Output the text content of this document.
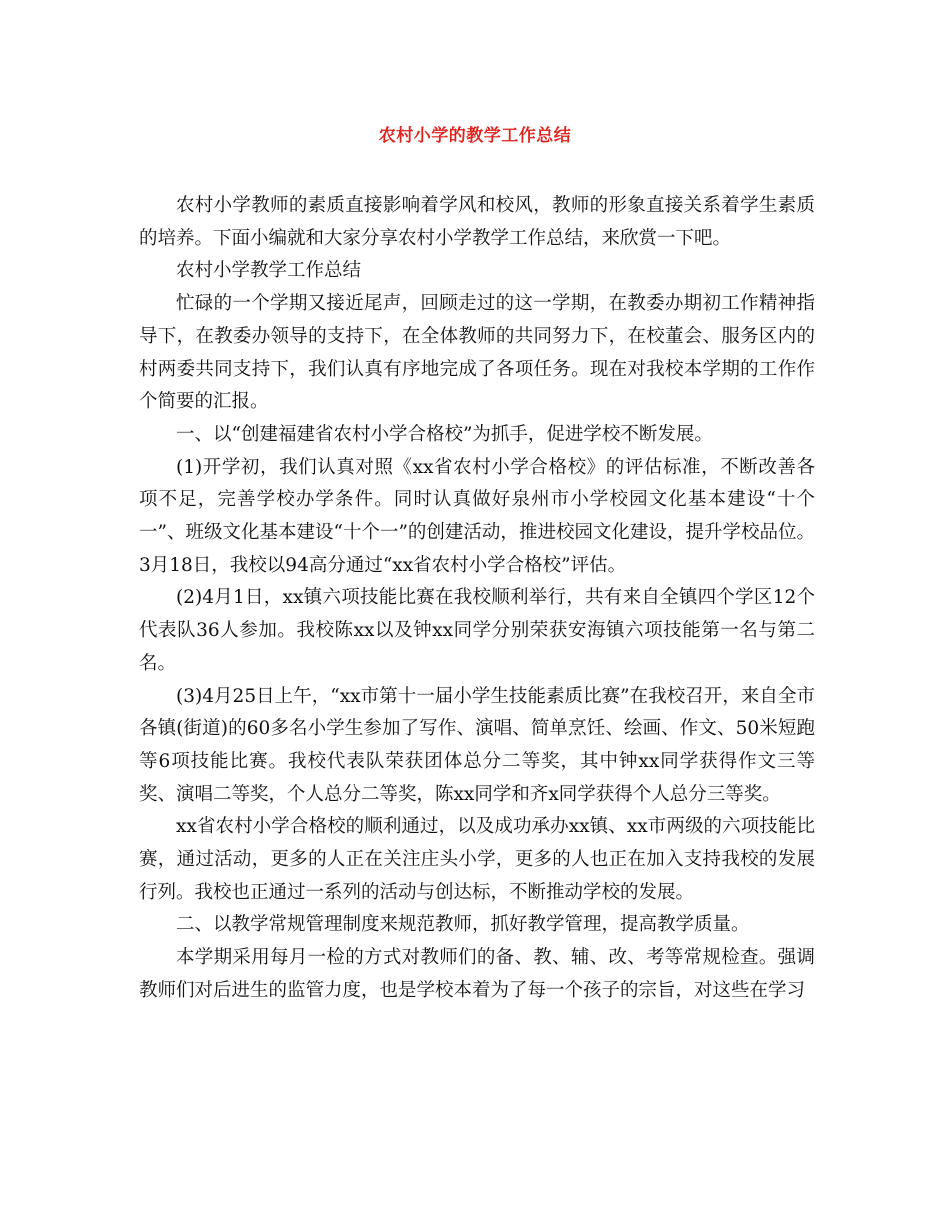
农村小学的教学工作总结

农村小学教师的素质直接影响着学风和校风，教师的形象直接关系着学生素质的培养。下面小编就和大家分享农村小学教学工作总结，来欣赏一下吧。

农村小学教学工作总结

忙碌的一个学期又接近尾声，回顾走过的这一学期，在教委办期初工作精神指导下，在教委办领导的支持下，在全体教师的共同努力下，在校董会、服务区内的村两委共同支持下，我们认真有序地完成了各项任务。现在对我校本学期的工作作个简要的汇报。

一、以“创建福建省农村小学合格校”为抓手，促进学校不断发展。

(1)开学初，我们认真对照《xx省农村小学合格校》的评估标准，不断改善各项不足，完善学校办学条件。同时认真做好泉州市小学校园文化基本建设“十个一”、班级文化基本建设“十个一”的创建活动，推进校园文化建设，提升学校品位。3月18日，我校以94高分通过“xx省农村小学合格校”评估。

(2)4月1日，xx镇六项技能比赛在我校顺利举行，共有来自全镇四个学区12个代表队36人参加。我校陈xx以及钟xx同学分别荣获安海镇六项技能第一名与第二名。

(3)4月25日上午，“xx市第十一届小学生技能素质比赛”在我校召开，来自全市各镇(街道)的60多名小学生参加了写作、演唱、简单烹饪、绘画、作文、50米短跑等6项技能比赛。我校代表队荣获团体总分二等奖，其中钟xx同学获得作文三等奖、演唱二等奖，个人总分二等奖，陈xx同学和齐x同学获得个人总分三等奖。

xx省农村小学合格校的顺利通过，以及成功承办xx镇、xx市两级的六项技能比赛，通过活动，更多的人正在关注庄头小学，更多的人也正在加入支持我校的发展行列。我校也正通过一系列的活动与创达标，不断推动学校的发展。

二、以教学常规管理制度来规范教师，抓好教学管理，提高教学质量。

本学期采用每月一检的方式对教师们的备、教、辅、改、考等常规检查。强调教师们对后进生的监管力度，也是学校本着为了每一个孩子的宗旨，对这些在学习
